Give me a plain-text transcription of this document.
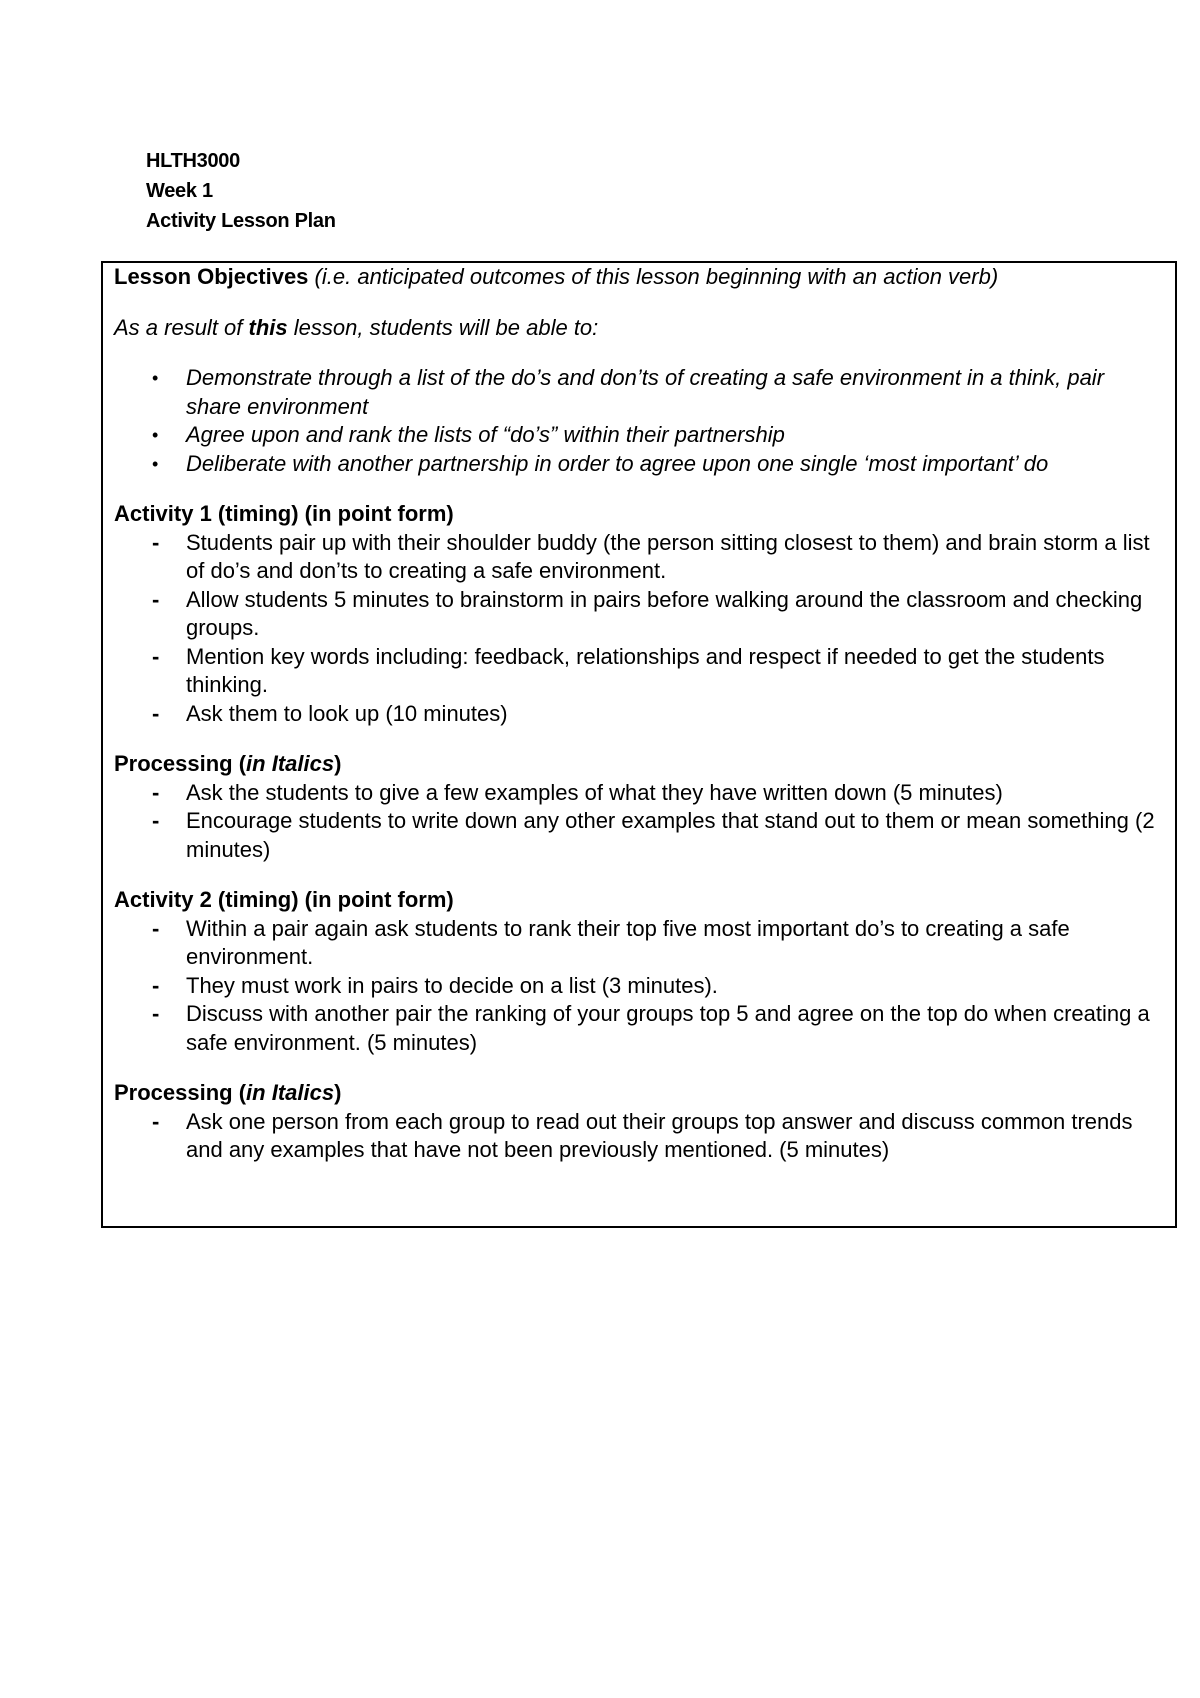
HLTH3000
Week 1
Activity Lesson Plan

Lesson Objectives (i.e. anticipated outcomes of this lesson beginning with an action verb)

As a result of this lesson, students will be able to:

• Demonstrate through a list of the do’s and don’ts of creating a safe environment in a think, pair share environment
• Agree upon and rank the lists of “do’s” within their partnership
• Deliberate with another partnership in order to agree upon one single ‘most important’ do

Activity 1 (timing) (in point form)

- Students pair up with their shoulder buddy (the person sitting closest to them) and brain storm a list of do’s and don’ts to creating a safe environment.
- Allow students 5 minutes to brainstorm in pairs before walking around the classroom and checking groups.
- Mention key words including: feedback, relationships and respect if needed to get the students thinking.
- Ask them to look up (10 minutes)

Processing (in Italics)

- Ask the students to give a few examples of what they have written down (5 minutes)
- Encourage students to write down any other examples that stand out to them or mean something (2 minutes)

Activity 2 (timing) (in point form)

- Within a pair again ask students to rank their top five most important do’s to creating a safe environment.
- They must work in pairs to decide on a list (3 minutes).
- Discuss with another pair the ranking of your groups top 5 and agree on the top do when creating a safe environment. (5 minutes)

Processing (in Italics)

- Ask one person from each group to read out their groups top answer and discuss common trends and any examples that have not been previously mentioned. (5 minutes)
